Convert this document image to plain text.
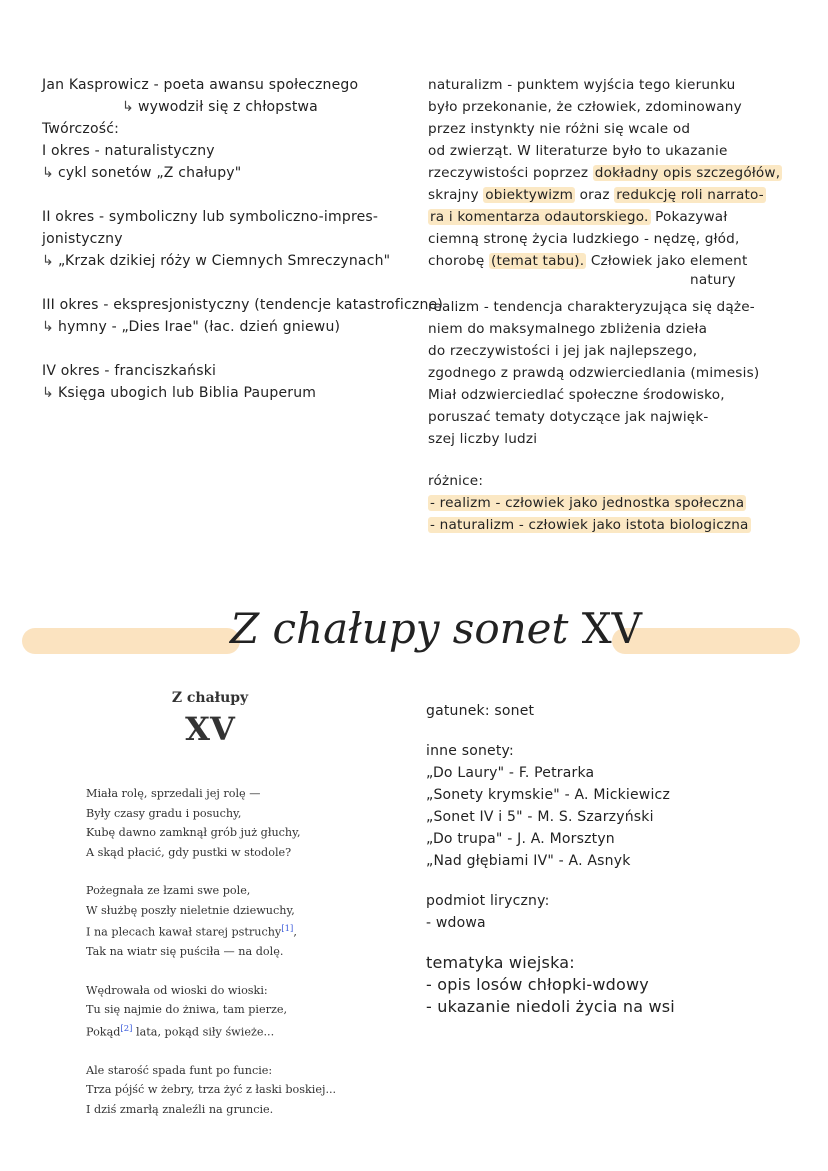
Jan Kasprowicz - poeta awansu społecznego
↳ wywodził się z chłopstwa
Twórczość:
I okres - naturalistyczny
↳ cykl sonetów „Z chałupy"
II okres - symboliczny lub symboliczno-impres-
jonistyczny
↳ „Krzak dzikiej róży w Ciemnych Smreczynach"
III okres - ekspresjonistyczny (tendencje katastroficzne)
↳ hymny - „Dies Irae" (łac. dzień gniewu)
IV okres - franciszkański
↳ Księga ubogich lub Biblia Pauperum
naturalizm - punktem wyjścia tego kierunku
było przekonanie, że człowiek, zdominowany
przez instynkty nie różni się wcale od
od zwierząt. W literaturze było to ukazanie
rzeczywistości poprzez dokładny opis szczegółów,
skrajny obiektywizm oraz redukcję roli narrato-
ra i komentarza odautorskiego. Pokazywał
ciemną stronę życia ludzkiego - nędzę, głód,
chorobę (temat tabu). Człowiek jako element
natury
realizm - tendencja charakteryzująca się dąże-
niem do maksymalnego zbliżenia dzieła
do rzeczywistości i jej jak najlepszego,
zgodnego z prawdą odzwierciedlania (mimesis)
Miał odzwierciedlać społeczne środowisko,
poruszać tematy dotyczące jak najwięk-
szej liczby ludzi
różnice:
- realizm - człowiek jako jednostka społeczna
- naturalizm - człowiek jako istota biologiczna
Z chałupy sonet XV
Z chałupy
XV
Miała rolę, sprzedali jej rolę —
Były czasy gradu i posuchy,
Kubę dawno zamknął grób już głuchy,
A skąd płacić, gdy pustki w stodole?
Pożegnała ze łzami swe pole,
W służbę poszły nieletnie dziewuchy,
I na plecach kawał starej pstruchy[1],
Tak na wiatr się puściła — na dolę.
Wędrowała od wioski do wioski:
Tu się najmie do żniwa, tam pierze,
Pokąd[2] lata, pokąd siły świeże...
Ale starość spada funt po funcie:
Trza pójść w żebry, trza żyć z łaski boskiej...
I dziś zmarłą znaleźli na gruncie.
gatunek: sonet
inne sonety:
„Do Laury" - F. Petrarka
„Sonety krymskie" - A. Mickiewicz
„Sonet IV i 5" - M. S. Szarzyński
„Do trupa" - J. A. Morsztyn
„Nad głębiami IV" - A. Asnyk
podmiot liryczny:
- wdowa
tematyka wiejska:
- opis losów chłopki-wdowy
- ukazanie niedoli życia na wsi
